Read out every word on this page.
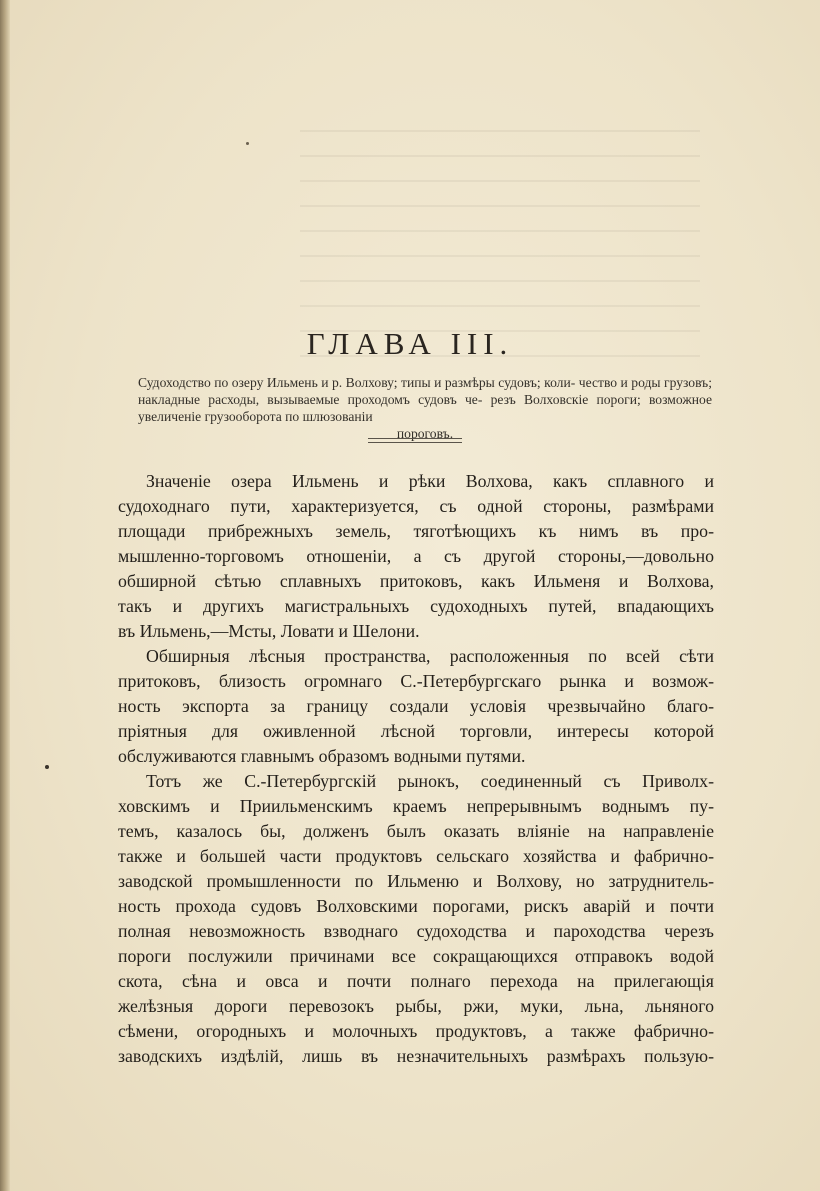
ГЛАВА III.
Судоходство по озеру Ильмень и р. Волхову; типы и размѣры судовъ; коли- чество и роды грузовъ; накладные расходы, вызываемые проходомъ судовъ че- резъ Волховскіе пороги; возможное увеличеніе грузооборота по шлюзованіи
пороговъ.
Значеніе озера Ильмень и рѣки Волхова, какъ сплавного и
судоходнаго пути, характеризуется, съ одной стороны, размѣрами
площади прибрежныхъ земель, тяготѣющихъ къ нимъ въ про-
мышленно-торговомъ отношеніи, а съ другой стороны,—довольно
обширной сѣтью сплавныхъ притоковъ, какъ Ильменя и Волхова,
такъ и другихъ магистральныхъ судоходныхъ путей, впадающихъ
въ Ильмень,—Мсты, Ловати и Шелони.
Обширныя лѣсныя пространства, расположенныя по всей сѣти
притоковъ, близость огромнаго С.-Петербургскаго рынка и возмож-
ность экспорта за границу создали условія чрезвычайно благо-
пріятныя для оживленной лѣсной торговли, интересы которой
обслуживаются главнымъ образомъ водными путями.
Тотъ же С.-Петербургскій рынокъ, соединенный съ Приволх-
ховскимъ и Приильменскимъ краемъ непрерывнымъ воднымъ пу-
темъ, казалось бы, долженъ былъ оказать вліяніе на направленіе
также и большей части продуктовъ сельскаго хозяйства и фабрично-
заводской промышленности по Ильменю и Волхову, но затруднитель-
ность прохода судовъ Волховскими порогами, рискъ аварій и почти
полная невозможность взводнаго судоходства и пароходства черезъ
пороги послужили причинами все сокращающихся отправокъ водой
скота, сѣна и овса и почти полнаго перехода на прилегающія
желѣзныя дороги перевозокъ рыбы, ржи, муки, льна, льняного
сѣмени, огородныхъ и молочныхъ продуктовъ, а также фабрично-
заводскихъ издѣлій, лишь въ незначительныхъ размѣрахъ пользую-
